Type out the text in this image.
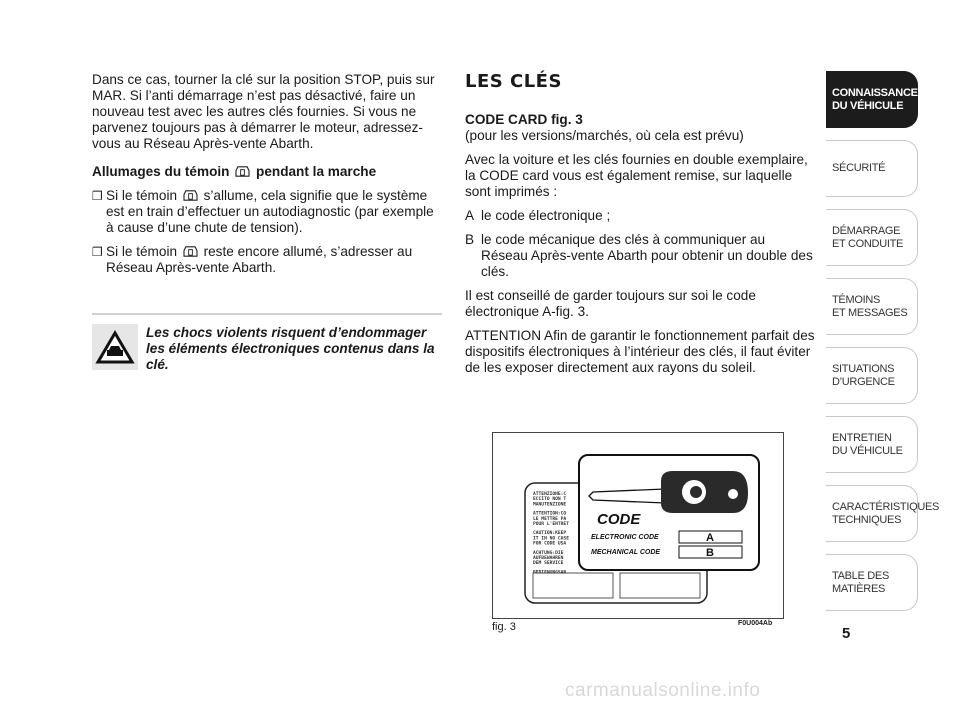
Dans ce cas, tourner la clé sur la position STOP, puis sur MAR. Si l’anti démarrage n’est pas désactivé, faire un nouveau test avec les autres clés fournies. Si vous ne parvenez toujours pas à démarrer le moteur, adressez-vous au Réseau Après-vente Abarth.

Allumages du témoin pendant la marche

❒ Si le témoin s’allume, cela signifie que le système est en train d’effectuer un autodiagnostic (par exemple à cause d’une chute de tension).
❒ Si le témoin reste encore allumé, s’adresser au Réseau Après-vente Abarth.
Les chocs violents risquent d’endommager les éléments électroniques contenus dans la clé.
LES CLÉS

CODE CARD fig. 3

(pour les versions/marchés, où cela est prévu)

Avec la voiture et les clés fournies en double exemplaire, la CODE card vous est également remise, sur laquelle sont imprimés :

A le code électronique ;
B le code mécanique des clés à communiquer au Réseau Après-vente Abarth pour obtenir un double des clés.

Il est conseillé de garder toujours sur soi le code électronique A-fig. 3.

ATTENTION Afin de garantir le fonctionnement parfait des dispositifs électroniques à l’intérieur des clés, il faut éviter de les exposer directement aux rayons du soleil.

ATTENZIONE:C
ECCITO NON T
MANUTENZIONE
ATTENTION:CO
LE METTRE PA
POUR L'ENTRET
CAUTION:KEEP
IT IN NO CASE
FOR CODE USA
ACHTUNG:DIE
AUFBEWAHREN
DEM SERVICE
BEDIENUNGSAN
CODE
ELECTRONIC CODE	A
MECHANICAL CODE	B
fig. 3	F0U004Ab
CONNAISSANCE
DU VÉHICULE
SÉCURITÉ
DÉMARRAGE
ET CONDUITE
TÉMOINS
ET MESSAGES
SITUATIONS
D’URGENCE
ENTRETIEN
DU VÉHICULE
CARACTÉRISTIQUES
TECHNIQUES
TABLE DES
MATIÈRES
5
carmanualsonline.info
